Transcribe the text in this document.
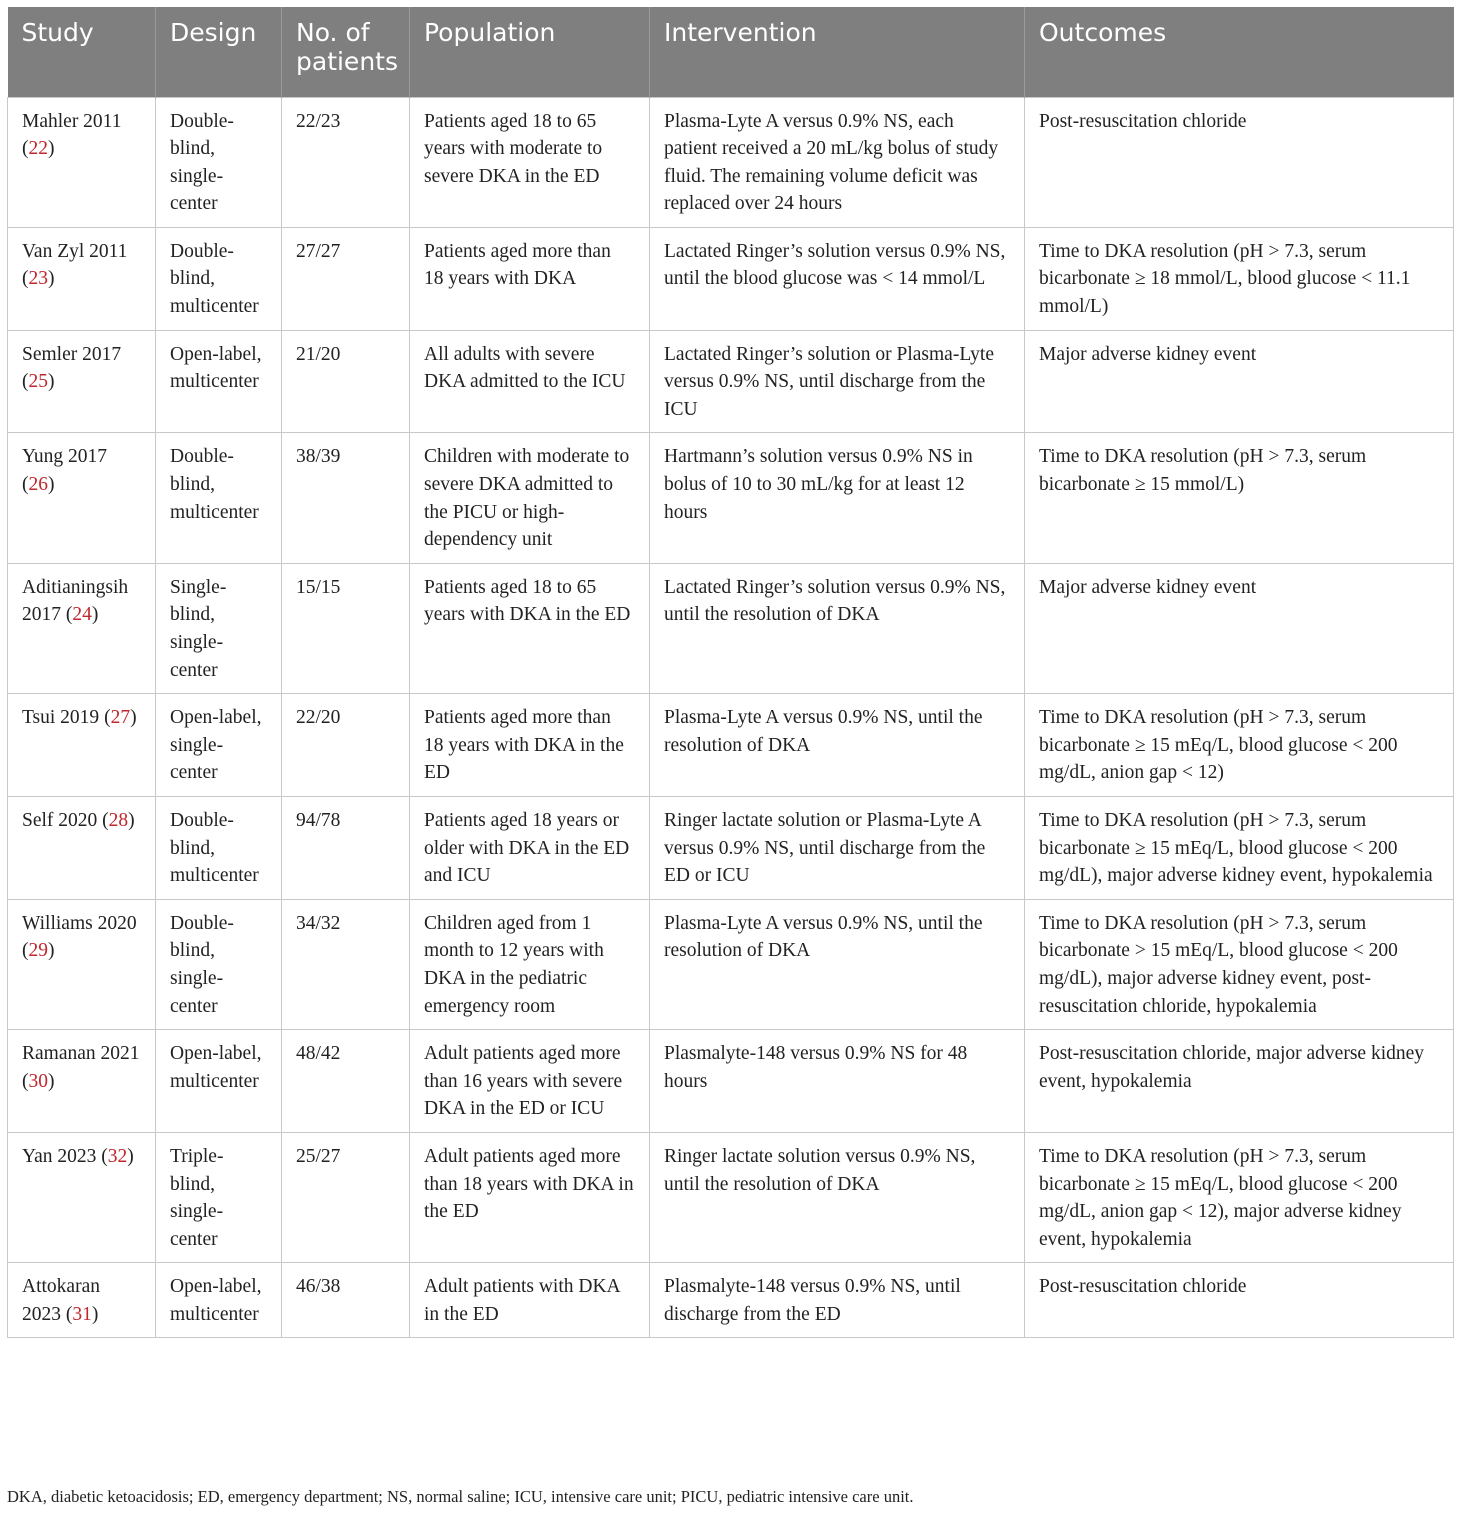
Study	Design	No. of patients	Population	Intervention	Outcomes
Mahler 2011 (22)	Double-blind, single-center	22/23	Patients aged 18 to 65 years with moderate to severe DKA in the ED	Plasma-Lyte A versus 0.9% NS, each patient received a 20 mL/kg bolus of study fluid. The remaining volume deficit was replaced over 24 hours	Post-resuscitation chloride
Van Zyl 2011 (23)	Double-blind, multicenter	27/27	Patients aged more than 18 years with DKA	Lactated Ringer’s solution versus 0.9% NS, until the blood glucose was < 14 mmol/L	Time to DKA resolution (pH > 7.3, serum bicarbonate ≥ 18 mmol/L, blood glucose < 11.1 mmol/L)
Semler 2017 (25)	Open-label, multicenter	21/20	All adults with severe DKA admitted to the ICU	Lactated Ringer’s solution or Plasma-Lyte versus 0.9% NS, until discharge from the ICU	Major adverse kidney event
Yung 2017 (26)	Double-blind, multicenter	38/39	Children with moderate to severe DKA admitted to the PICU or high-dependency unit	Hartmann’s solution versus 0.9% NS in bolus of 10 to 30 mL/kg for at least 12 hours	Time to DKA resolution (pH > 7.3, serum bicarbonate ≥ 15 mmol/L)
Aditianingsih 2017 (24)	Single-blind, single-center	15/15	Patients aged 18 to 65 years with DKA in the ED	Lactated Ringer’s solution versus 0.9% NS, until the resolution of DKA	Major adverse kidney event
Tsui 2019 (27)	Open-label, single-center	22/20	Patients aged more than 18 years with DKA in the ED	Plasma-Lyte A versus 0.9% NS, until the resolution of DKA	Time to DKA resolution (pH > 7.3, serum bicarbonate ≥ 15 mEq/L, blood glucose < 200 mg/dL, anion gap < 12)
Self 2020 (28)	Double-blind, multicenter	94/78	Patients aged 18 years or older with DKA in the ED and ICU	Ringer lactate solution or Plasma-Lyte A versus 0.9% NS, until discharge from the ED or ICU	Time to DKA resolution (pH > 7.3, serum bicarbonate ≥ 15 mEq/L, blood glucose < 200 mg/dL), major adverse kidney event, hypokalemia
Williams 2020 (29)	Double-blind, single-center	34/32	Children aged from 1 month to 12 years with DKA in the pediatric emergency room	Plasma-Lyte A versus 0.9% NS, until the resolution of DKA	Time to DKA resolution (pH > 7.3, serum bicarbonate > 15 mEq/L, blood glucose < 200 mg/dL), major adverse kidney event, post-resuscitation chloride, hypokalemia
Ramanan 2021 (30)	Open-label, multicenter	48/42	Adult patients aged more than 16 years with severe DKA in the ED or ICU	Plasmalyte-148 versus 0.9% NS for 48 hours	Post-resuscitation chloride, major adverse kidney event, hypokalemia
Yan 2023 (32)	Triple-blind, single-center	25/27	Adult patients aged more than 18 years with DKA in the ED	Ringer lactate solution versus 0.9% NS, until the resolution of DKA	Time to DKA resolution (pH > 7.3, serum bicarbonate ≥ 15 mEq/L, blood glucose < 200 mg/dL, anion gap < 12), major adverse kidney event, hypokalemia
Attokaran 2023 (31)	Open-label, multicenter	46/38	Adult patients with DKA in the ED	Plasmalyte-148 versus 0.9% NS, until discharge from the ED	Post-resuscitation chloride
DKA, diabetic ketoacidosis; ED, emergency department; NS, normal saline; ICU, intensive care unit; PICU, pediatric intensive care unit.
